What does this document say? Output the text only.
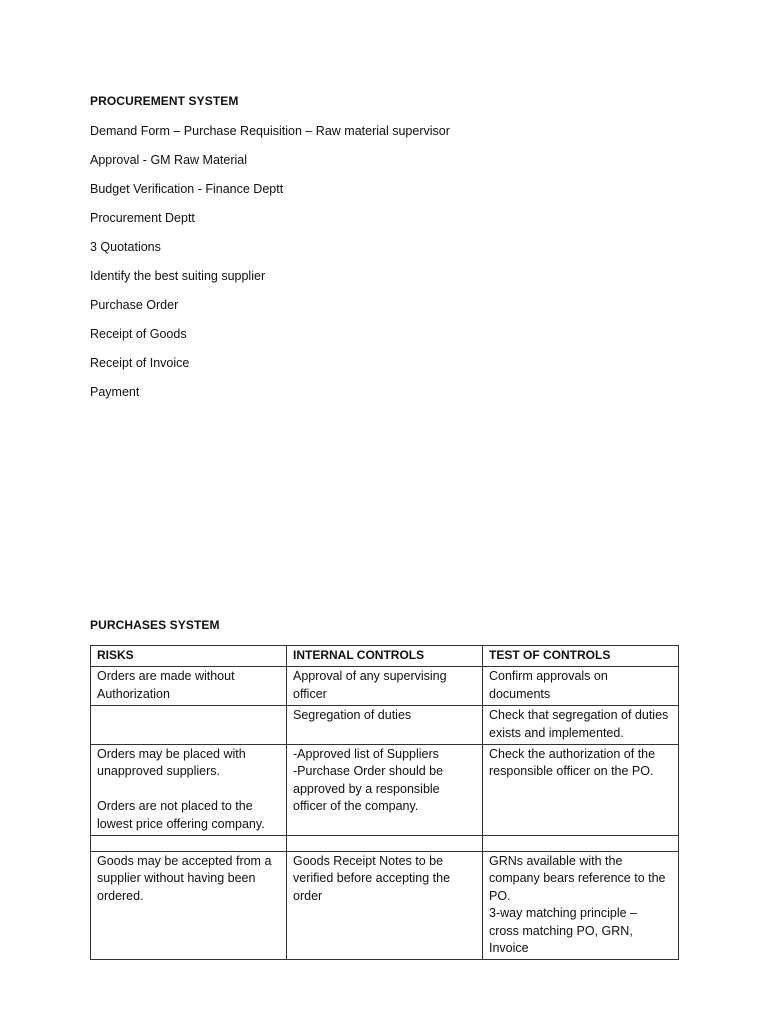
PROCUREMENT SYSTEM
Demand Form – Purchase Requisition – Raw material supervisor
Approval - GM Raw Material
Budget Verification - Finance Deptt
Procurement Deptt
3 Quotations
Identify the best suiting supplier
Purchase Order
Receipt of Goods
Receipt of Invoice
Payment
PURCHASES SYSTEM
RISKS	INTERNAL CONTROLS	TEST OF CONTROLS

Orders are made without
Authorization	Approval of any supervising
officer	Confirm approvals on
documents

	Segregation of duties	Check that segregation of duties
exists and implemented.

Orders may be placed with
unapproved suppliers.
Orders are not placed to the
lowest price offering company.	-Approved list of Suppliers
-Purchase Order should be
approved by a responsible
officer of the company.	Check the authorization of the
responsible officer on the PO.

Goods may be accepted from a
supplier without having been
ordered.	Goods Receipt Notes to be
verified before accepting the
order	GRNs available with the
company bears reference to the
PO.
3-way matching principle –
cross matching PO, GRN, Invoice
